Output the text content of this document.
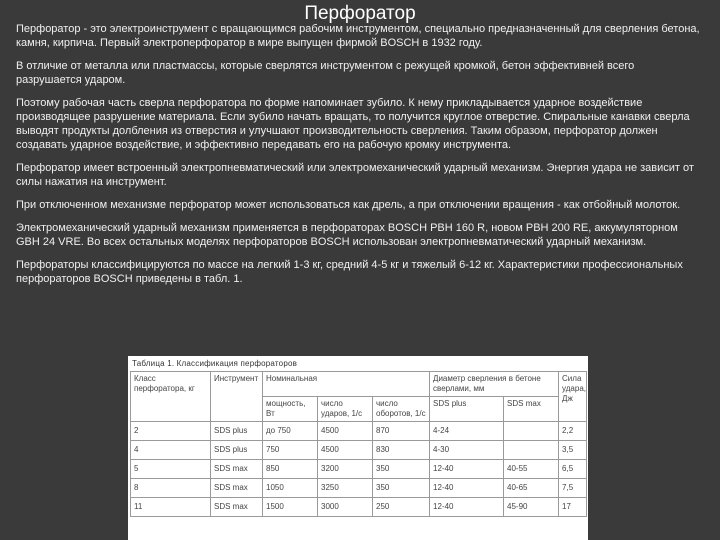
Перфоратор

Перфоратор - это электроинструмент с вращающимся рабочим инструментом, специально предназначенный для сверления бетона, камня, кирпича. Первый электроперфоратор в мире выпущен фирмой BOSCH в 1932 году.

В отличие от металла или пластмассы, которые сверлятся инструментом с режущей кромкой, бетон эффективней всего разрушается ударом.

Поэтому рабочая часть сверла перфоратора по форме напоминает зубило. К нему прикладывается ударное воздействие производящее разрушение материала. Если зубило начать вращать, то получится круглое отверстие. Спиральные канавки сверла выводят продукты долбления из отверстия и улучшают производительность сверления. Таким образом, перфоратор должен создавать ударное воздействие, и эффективно передавать его на рабочую кромку инструмента.

Перфоратор имеет встроенный электропневматический или электромеханический ударный механизм. Энергия удара не зависит от силы нажатия на инструмент.

При отключенном механизме перфоратор может использоваться как дрель, а при отключении вращения - как отбойный молоток.

Электромеханический ударный механизм применяется в перфораторах BOSCH PBH 160 R, новом PBH 200 RE, аккумуляторном GBH 24 VRE. Во всех остальных моделях перфораторов BOSCH использован электропневматический ударный механизм.

Перфораторы классифицируются по массе на легкий 1-3 кг, средний 4-5 кг и тяжелый 6-12 кг. Характеристики профессиональных перфораторов BOSCH приведены в табл. 1.

Таблица 1. Классификация перфораторов
Класс перфоратора, кг	Инструмент	Номинальная			Диаметр сверления в бетоне сверлами, мм		Сила удара, Дж
		мощность, Вт	число ударов, 1/с	число оборотов, 1/с	SDS plus	SDS max	
2	SDS plus	до 750	4500	870	4-24		2,2
4	SDS plus	750	4500	830	4-30		3,5
5	SDS max	850	3200	350	12-40	40-55	6,5
8	SDS max	1050	3250	350	12-40	40-65	7,5
11	SDS max	1500	3000	250	12-40	45-90	17
